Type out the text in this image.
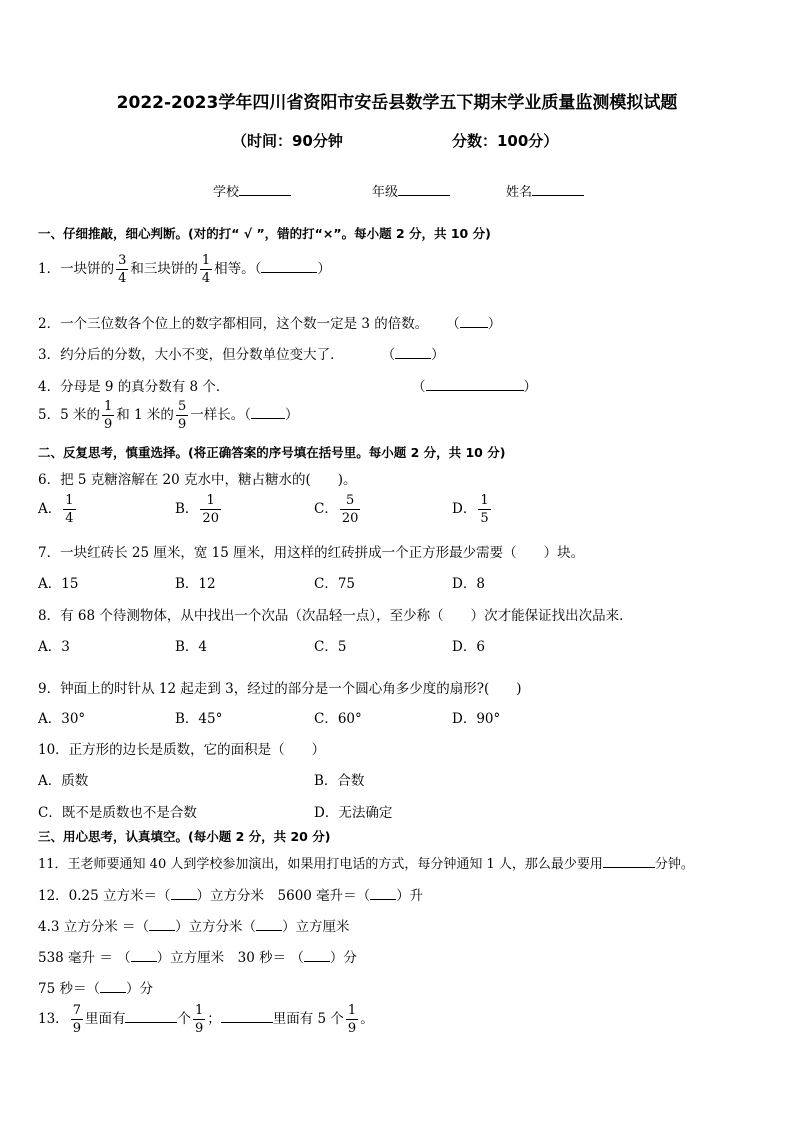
2022-2023学年四川省资阳市安岳县数学五下期末学业质量监测模拟试题
（时间：90分钟	分数：100分）
学校	年级	姓名
一、仔细推敲，细心判断。(对的打“ √ ”，错的打“×”。每小题 2 分，共 10 分)
1．一块饼的 $\frac{3}{4}$ 和三块饼的 $\frac{1}{4}$ 相等。（	）
2．一个三位数各个位上的数字都相同，这个数一定是 3 的倍数。 （ ）
3．约分后的分数，大小不变，但分数单位变大了．	（	）
4．分母是 9 的真分数有 8 个．	（	）
5．5 米的 $\frac{1}{9}$ 和 1 米的 $\frac{5}{9}$ 一样长。（	）
二、反复思考，慎重选择。(将正确答案的序号填在括号里。每小题 2 分，共 10 分)
6．把 5 克糖溶解在 20 克水中，糖占糖水的(　　)。
A． $\frac{1}{4}$	B． $\frac{1}{20}$	C． $\frac{5}{20}$	D． $\frac{1}{5}$
7．一块红砖长 25 厘米，宽 15 厘米，用这样的红砖拼成一个正方形最少需要（　　）块。
A．15	B．12	C．75	D．8
8．有 68 个待测物体，从中找出一个次品（次品轻一点），至少称（　　）次才能保证找出次品来．
A．3	B．4	C．5	D．6
9．钟面上的时针从 12 起走到 3，经过的部分是一个圆心角多少度的扇形?(　　)
A．30°	B．45°	C．60°	D．90°
10．正方形的边长是质数，它的面积是（　　）
A．质数	B．合数
C．既不是质数也不是合数	D．无法确定
三、用心思考，认真填空。(每小题 2 分，共 20 分)
11．王老师要通知 40 人到学校参加演出，如果用打电话的方式，每分钟通知 1 人，那么最少要用	分钟。
12．0.25 立方米＝（ ）立方分米　5600 毫升＝（ ）升
4.3 立方分米 ＝（ ）立方分米（ ）立方厘米
538 毫升 ＝ （ ）立方厘米　30 秒＝ （ ）分
75 秒＝（ ）分
13． $\frac{7}{9}$ 里面有	个 $\frac{1}{9}$ ；	里面有 5 个 $\frac{1}{9}$ 。
